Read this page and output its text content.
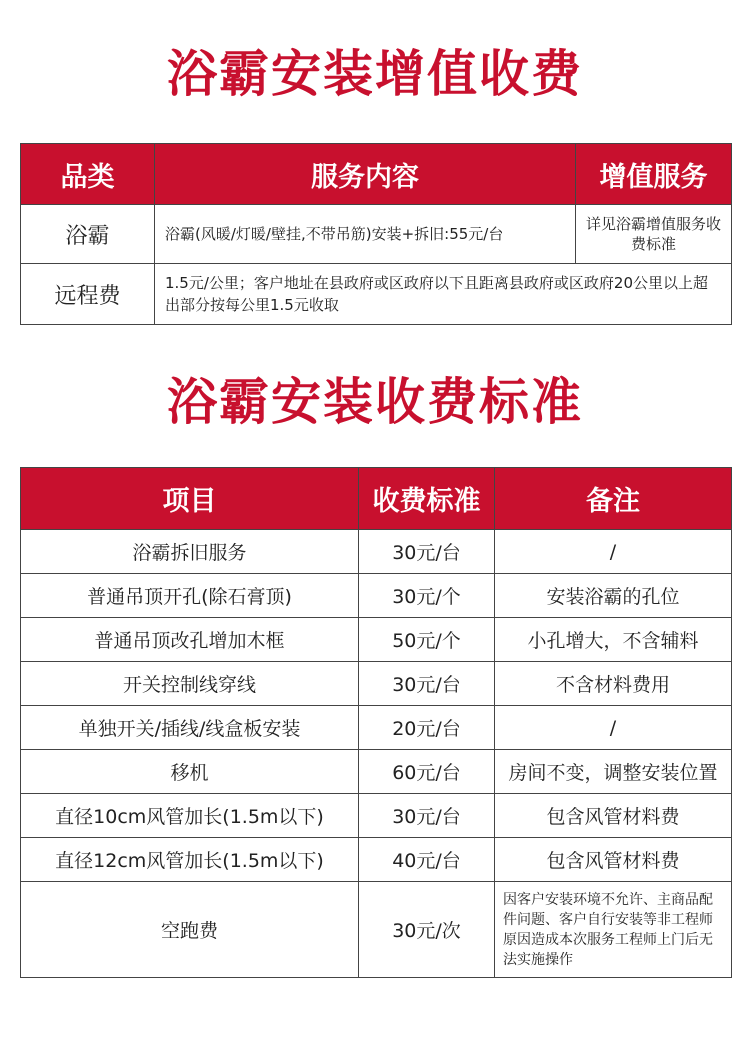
浴霸安装增值收费
品类	服务内容	增值服务
浴霸	浴霸(风暖/灯暖/壁挂,不带吊筋)安装+拆旧:55元/台	详见浴霸增值服务收费标准
远程费	1.5元/公里；客户地址在县政府或区政府以下且距离县政府或区政府20公里以上超出部分按每公里1.5元收取	
浴霸安装收费标准
项目	收费标准	备注
浴霸拆旧服务	30元/台	/
普通吊顶开孔(除石膏顶)	30元/个	安装浴霸的孔位
普通吊顶改孔增加木框	50元/个	小孔增大，不含辅料
开关控制线穿线	30元/台	不含材料费用
单独开关/插线/线盒板安装	20元/台	/
移机	60元/台	房间不变，调整安装位置
直径10cm风管加长(1.5m以下)	30元/台	包含风管材料费
直径12cm风管加长(1.5m以下)	40元/台	包含风管材料费
空跑费	30元/次	因客户安装环境不允许、主商品配件问题、客户自行安装等非工程师原因造成本次服务工程师上门后无法实施操作
